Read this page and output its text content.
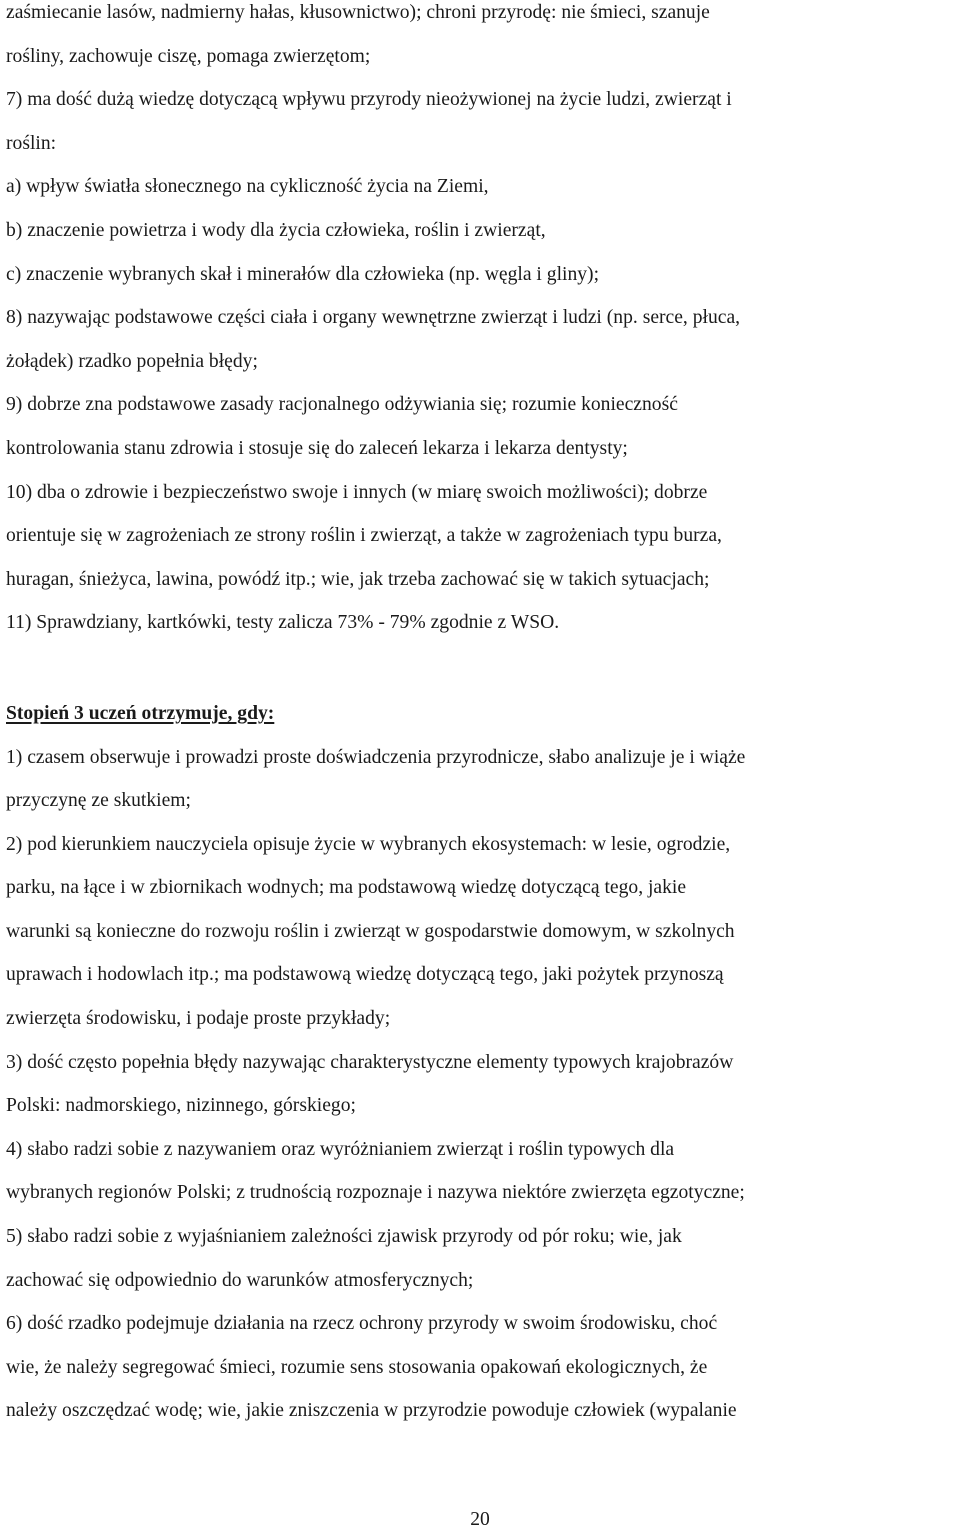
zaśmiecanie lasów, nadmierny hałas, kłusownictwo); chroni przyrodę: nie śmieci, szanuje
rośliny, zachowuje ciszę, pomaga zwierzętom;
7) ma dość dużą wiedzę dotyczącą wpływu przyrody nieożywionej na życie ludzi, zwierząt i
roślin:
a) wpływ światła słonecznego na cykliczność życia na Ziemi,
b) znaczenie powietrza i wody dla życia człowieka, roślin i zwierząt,
c) znaczenie wybranych skał i minerałów dla człowieka (np. węgla i gliny);
8) nazywając podstawowe części ciała i organy wewnętrzne zwierząt i ludzi (np. serce, płuca,
żołądek) rzadko popełnia błędy;
9) dobrze zna podstawowe zasady racjonalnego odżywiania się; rozumie konieczność
kontrolowania stanu zdrowia i stosuje się do zaleceń lekarza i lekarza dentysty;
10) dba o zdrowie i bezpieczeństwo swoje i innych (w miarę swoich możliwości); dobrze
orientuje się w zagrożeniach ze strony roślin i zwierząt, a także w zagrożeniach typu burza,
huragan, śnieżyca, lawina, powódź itp.; wie, jak trzeba zachować się w takich sytuacjach;
11) Sprawdziany, kartkówki, testy zalicza 73% - 79% zgodnie z WSO.
Stopień 3 uczeń otrzymuje, gdy:
1) czasem obserwuje i prowadzi proste doświadczenia przyrodnicze, słabo analizuje je i wiąże
przyczynę ze skutkiem;
2) pod kierunkiem nauczyciela opisuje życie w wybranych ekosystemach: w lesie, ogrodzie,
parku, na łące i w zbiornikach wodnych; ma podstawową wiedzę dotyczącą tego, jakie
warunki są konieczne do rozwoju roślin i zwierząt w gospodarstwie domowym, w szkolnych
uprawach i hodowlach itp.; ma podstawową wiedzę dotyczącą tego, jaki pożytek przynoszą
zwierzęta środowisku, i podaje proste przykłady;
3) dość często popełnia błędy nazywając charakterystyczne elementy typowych krajobrazów
Polski: nadmorskiego, nizinnego, górskiego;
4) słabo radzi sobie z nazywaniem oraz wyróżnianiem zwierząt i roślin typowych dla
wybranych regionów Polski; z trudnością rozpoznaje i nazywa niektóre zwierzęta egzotyczne;
5) słabo radzi sobie z wyjaśnianiem zależności zjawisk przyrody od pór roku; wie, jak
zachować się odpowiednio do warunków atmosferycznych;
6) dość rzadko podejmuje działania na rzecz ochrony przyrody w swoim środowisku, choć
wie, że należy segregować śmieci, rozumie sens stosowania opakowań ekologicznych, że
należy oszczędzać wodę; wie, jakie zniszczenia w przyrodzie powoduje człowiek (wypalanie
20
